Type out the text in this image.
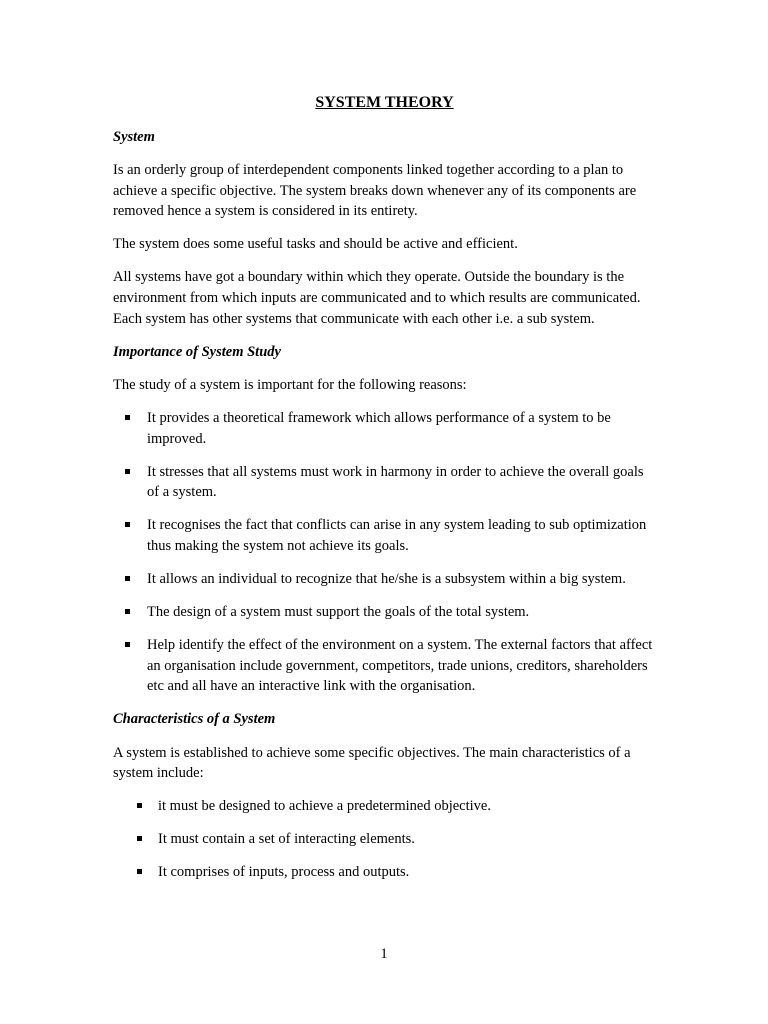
SYSTEM THEORY
System

Is an orderly group of interdependent components linked together according to a plan to achieve a specific objective. The system breaks down whenever any of its components are removed hence a system is considered in its entirety.

The system does some useful tasks and should be active and efficient.

All systems have got a boundary within which they operate. Outside the boundary is the environment from which inputs are communicated and to which results are communicated. Each system has other systems that communicate with each other i.e. a sub system.

Importance of System Study

The study of a system is important for the following reasons:

It provides a theoretical framework which allows performance of a system to be improved.
It stresses that all systems must work in harmony in order to achieve the overall goals of a system.
It recognises the fact that conflicts can arise in any system leading to sub optimization thus making the system not achieve its goals.
It allows an individual to recognize that he/she is a subsystem within a big system.
The design of a system must support the goals of the total system.
Help identify the effect of the environment on a system. The external factors that affect an organisation include government, competitors, trade unions, creditors, shareholders etc and all have an interactive link with the organisation.
Characteristics of a System

A system is established to achieve some specific objectives. The main characteristics of a system include:

it must be designed to achieve a predetermined objective.
It must contain a set of interacting elements.
It comprises of inputs, process and outputs.
1
